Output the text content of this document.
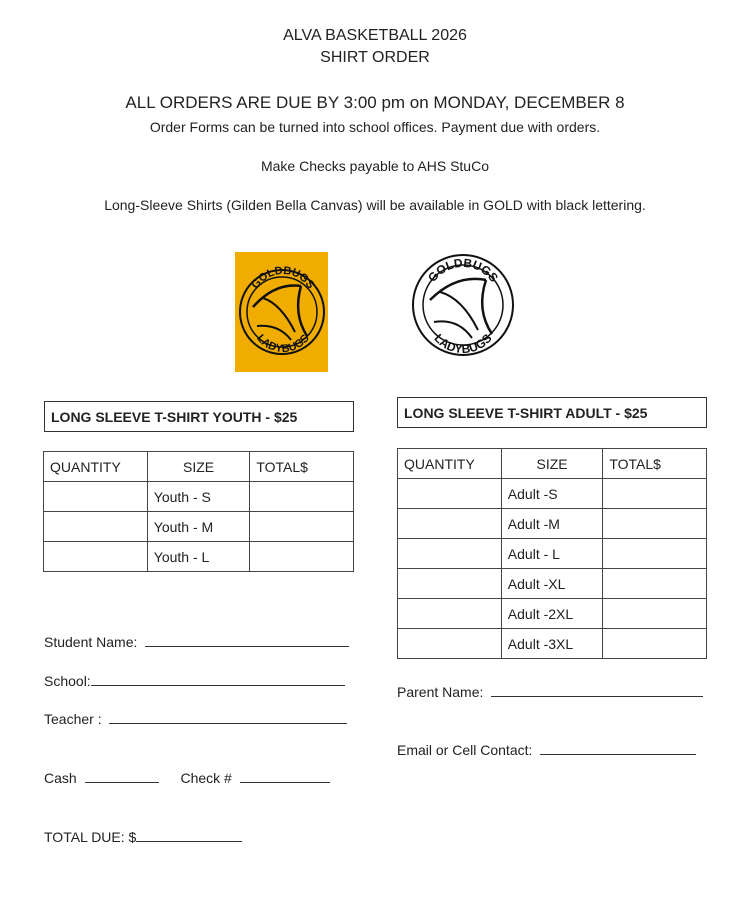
ALVA BASKETBALL 2026

SHIRT ORDER

ALL ORDERS ARE DUE BY 3:00 pm on MONDAY, DECEMBER 8

Order Forms can be turned into school offices. Payment due with orders.

Make Checks payable to AHS StuCo

Long-Sleeve Shirts (Gilden Bella Canvas) will be available in GOLD with black lettering.

GOLDBUGS
LADYBUGS
GOLDBUGS
LADYBUGS
LONG SLEEVE T-SHIRT YOUTH - $25
QUANTITY	SIZE	TOTAL$
	Youth - S	
	Youth - M	
	Youth - L	
LONG SLEEVE T-SHIRT ADULT - $25
QUANTITY	SIZE	TOTAL$
	Adult -S	
	Adult -M	
	Adult - L	
	Adult -XL	
	Adult -2XL	
	Adult -3XL	
Student Name:
School:
Teacher :
Cash	Check #
TOTAL DUE: $
Parent Name:
Email or Cell Contact:
